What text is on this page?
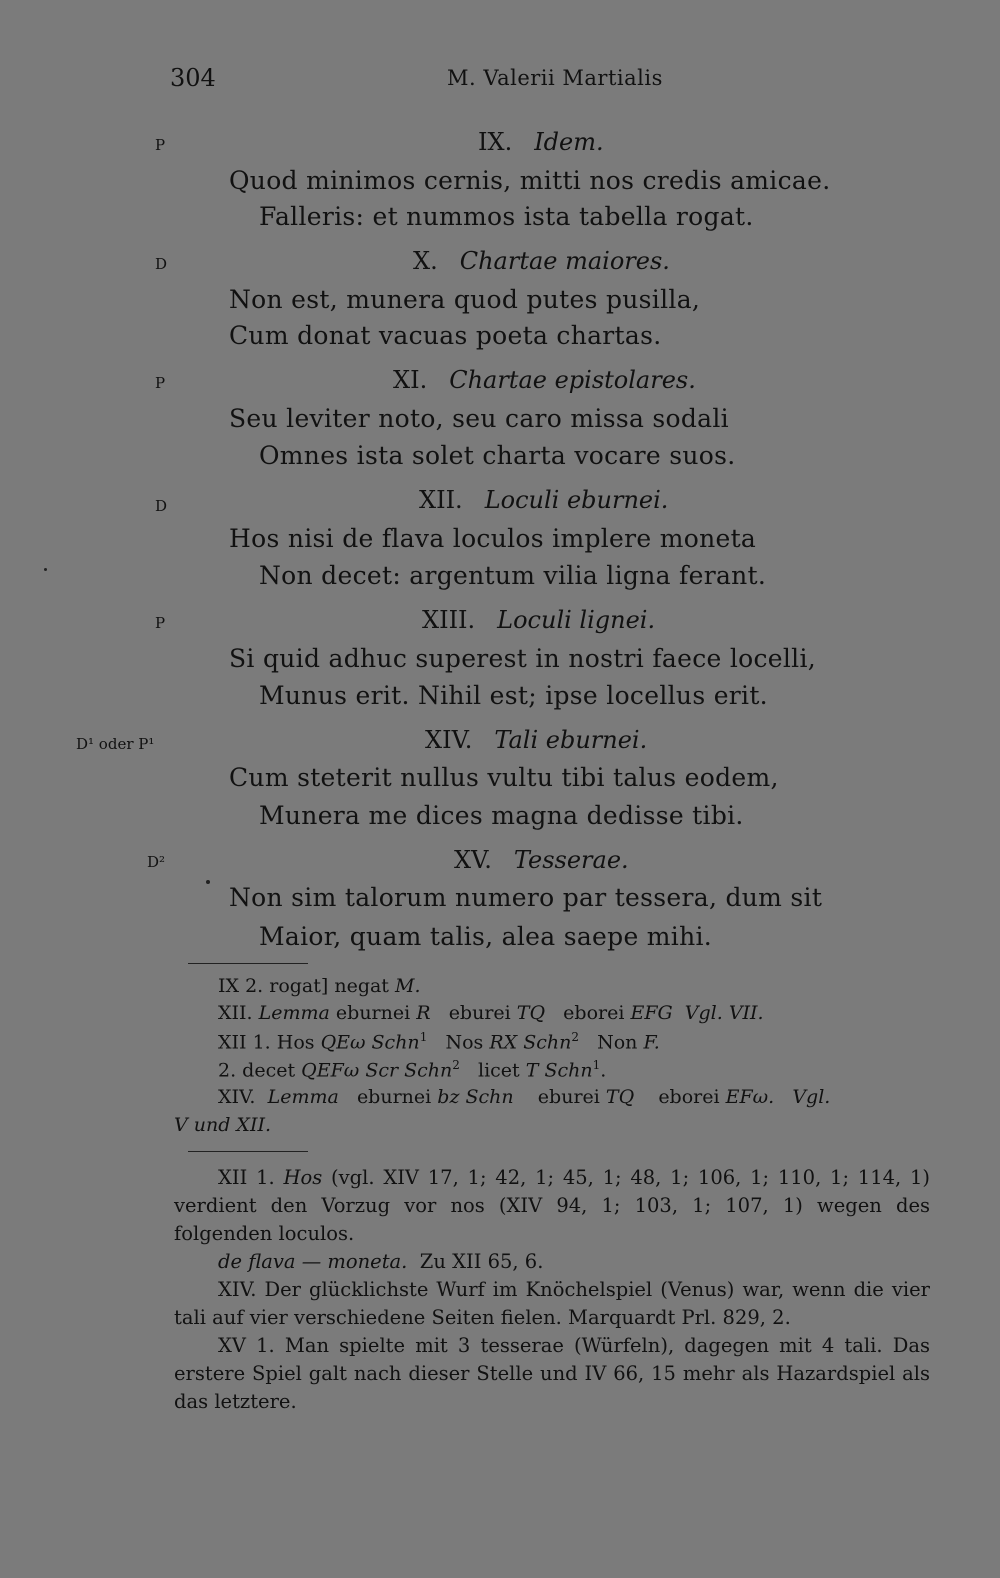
304	M. Valerii Martialis
P	IX. Idem.
Quod minimos cernis, mitti nos credis amicae.
Falleris: et nummos ista tabella rogat.
D	X. Chartae maiores.
Non est, munera quod putes pusilla,
Cum donat vacuas poeta chartas.
P	XI. Chartae epistolares.
Seu leviter noto, seu caro missa sodali
Omnes ista solet charta vocare suos.
D	XII. Loculi eburnei.
Hos nisi de flava loculos implere moneta
Non decet: argentum vilia ligna ferant.
P	XIII. Loculi lignei.
Si quid adhuc superest in nostri faece locelli,
Munus erit. Nihil est; ipse locellus erit.
D¹ oder P¹	XIV. Tali eburnei.
Cum steterit nullus vultu tibi talus eodem,
Munera me dices magna dedisse tibi.
D²	XV. Tesserae.
Non sim talorum numero par tessera, dum sit
Maior, quam talis, alea saepe mihi.
IX 2. rogat] negat M.
XII. Lemma eburnei R eburei TQ eborei EFG Vgl. VII.
XII 1. Hos QEω Schn$^1$ Nos RX Schn$^2$ Non F.
2. decet QEFω Scr Schn$^2$ licet T Schn$^1$.
XIV. Lemma eburnei bz Schn eburei TQ eborei EFω. Vgl.
V und XII.

XII 1. Hos (vgl. XIV 17, 1; 42, 1; 45, 1; 48, 1; 106, 1; 110, 1; 114, 1) verdient den Vorzug vor nos (XIV 94, 1; 103, 1; 107, 1) wegen des folgenden loculos.

de flava — moneta. Zu XII 65, 6.

XIV. Der glücklichste Wurf im Knöchelspiel (Venus) war, wenn die vier tali auf vier verschiedene Seiten fielen. Marquardt Prl. 829, 2.

XV 1. Man spielte mit 3 tesserae (Würfeln), dagegen mit 4 tali. Das erstere Spiel galt nach dieser Stelle und IV 66, 15 mehr als Hazardspiel als das letztere.
